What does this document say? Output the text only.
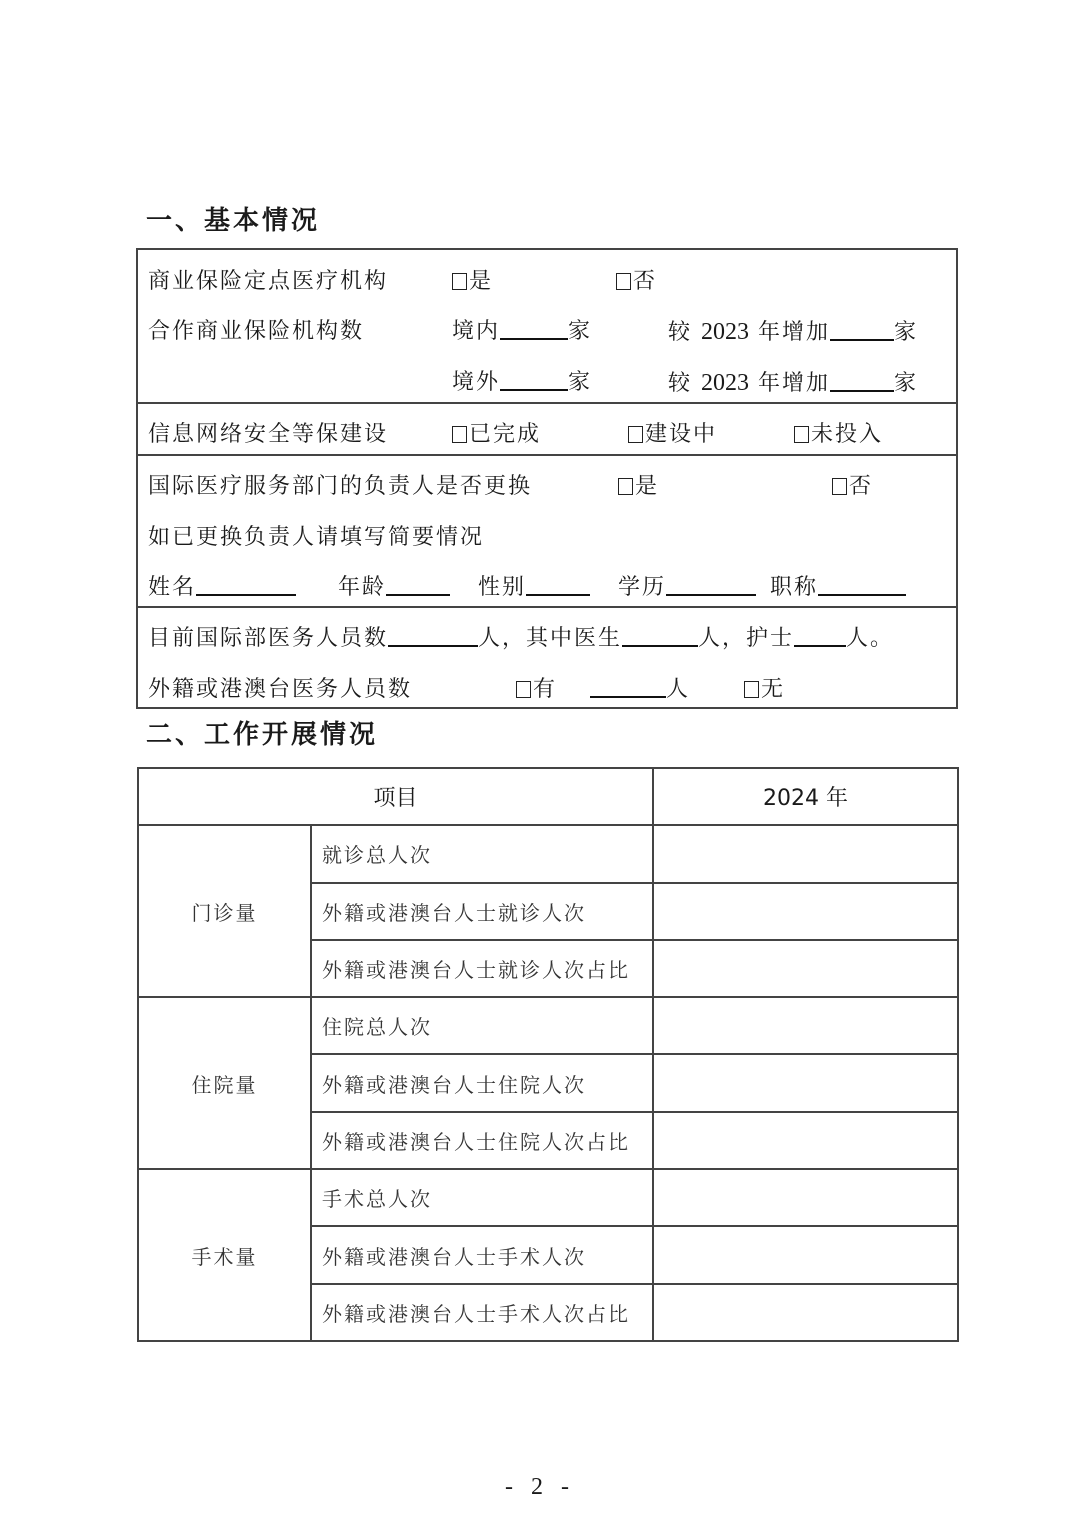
一、基本情况
商业保险定点医疗机构	是	否
合作商业保险机构数	境内	家	较 2023 年增加	家
境外	家	较 2023 年增加	家
信息网络安全等保建设	已完成	建设中	未投入
国际医疗服务部门的负责人是否更换	是	否
如已更换负责人请填写简要情况
姓名	年龄	性别	学历	职称
目前国际部医务人员数	人，其中医生	人，护士 人。
外籍或港澳台医务人员数	有	人	无
二、工作开展情况
项目		2024 年
门诊量	就诊总人次	
	外籍或港澳台人士就诊人次	
	外籍或港澳台人士就诊人次占比	
住院量	住院总人次	
	外籍或港澳台人士住院人次	
	外籍或港澳台人士住院人次占比	
手术量	手术总人次	
	外籍或港澳台人士手术人次	
	外籍或港澳台人士手术人次占比	
- 2 -
